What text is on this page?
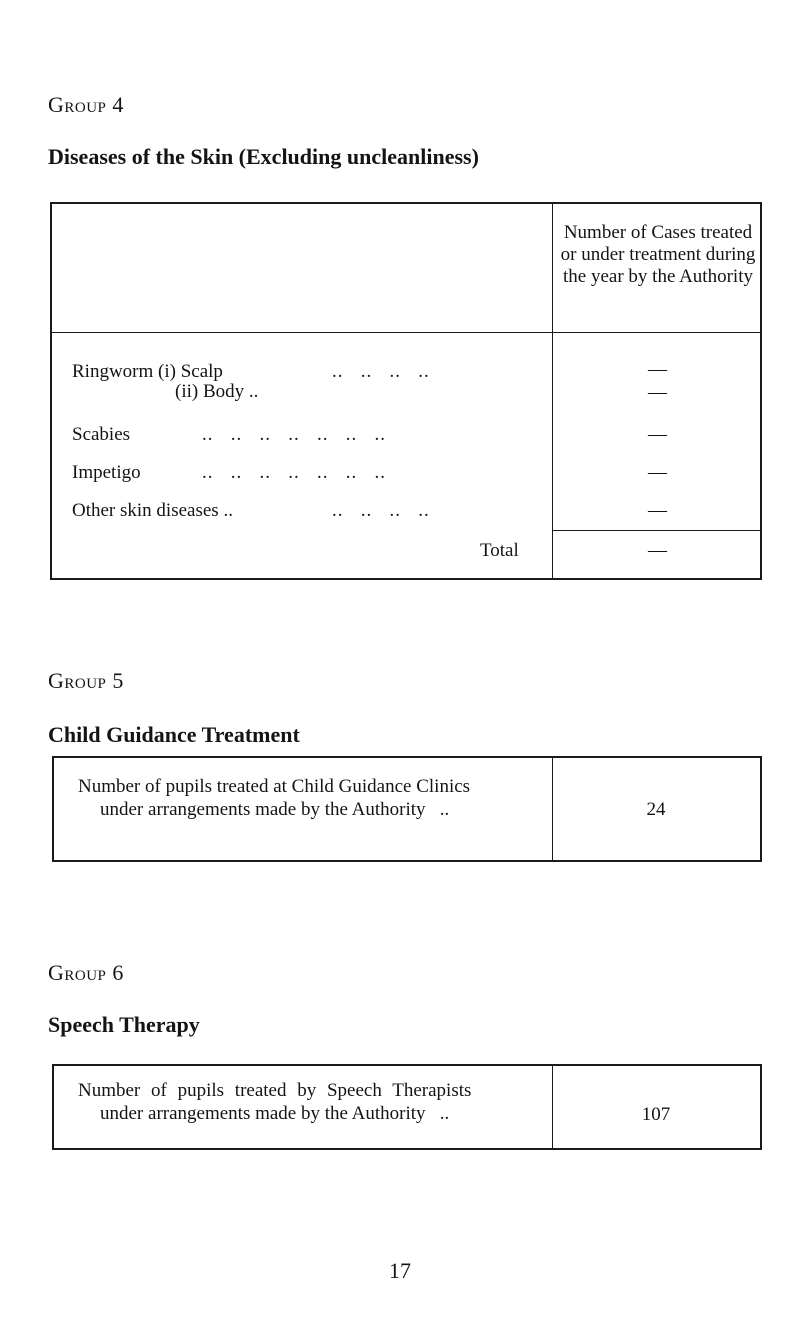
Group 4
Diseases of the Skin (Excluding uncleanliness)
Number of Cases treated or under treatment during the year by the Authority
Ringworm (i) Scalp	..   ..   ..   ..	—
(ii) Body ..	—
Scabies	..   ..   ..   ..   ..   ..   ..	—
Impetigo	..   ..   ..   ..   ..   ..   ..	—
Other skin diseases ..	..   ..   ..   ..	—
Total	—
Group 5
Child Guidance Treatment
Number of pupils treated at Child Guidance Clinics
under arrangements made by the Authority   ..	24
Group 6
Speech Therapy
Number of pupils treated by Speech Therapists
under arrangements made by the Authority   ..	107
17
